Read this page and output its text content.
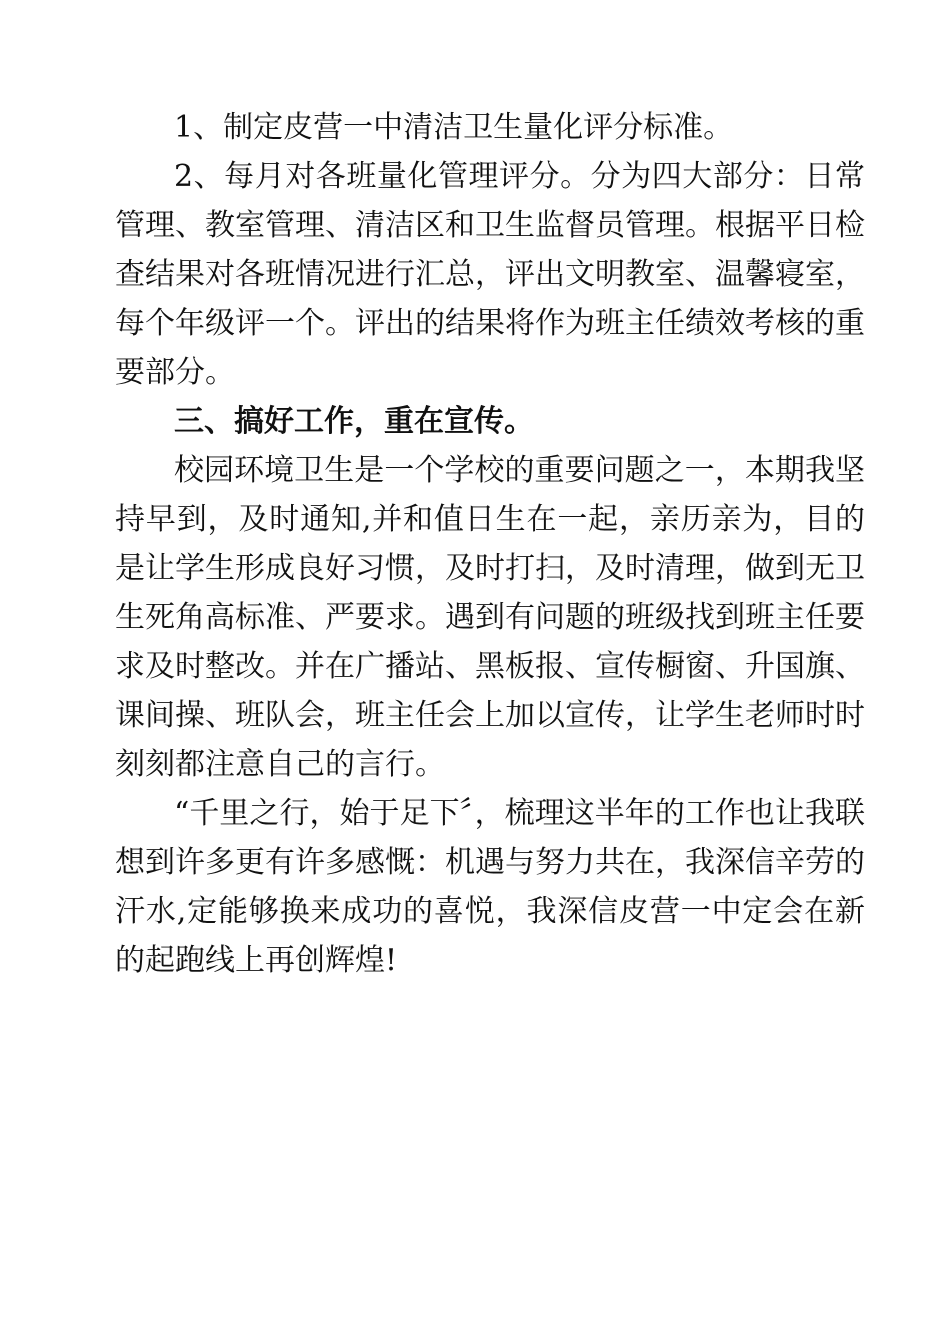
1、制定皮营一中清洁卫生量化评分标准。

2、每月对各班量化管理评分。分为四大部分：日常管理、教室管理、清洁区和卫生监督员管理。根据平日检查结果对各班情况进行汇总，评出文明教室、温馨寝室，每个年级评一个。评出的结果将作为班主任绩效考核的重要部分。

三、搞好工作，重在宣传。

校园环境卫生是一个学校的重要问题之一，本期我坚持早到，及时通知,并和值日生在一起，亲历亲为，目的是让学生形成良好习惯，及时打扫，及时清理，做到无卫生死角高标准、严要求。遇到有问题的班级找到班主任要求及时整改。并在广播站、黑板报、宣传橱窗、升国旗、课间操、班队会，班主任会上加以宣传，让学生老师时时刻刻都注意自己的言行。

“千里之行，始于足下〞，梳理这半年的工作也让我联想到许多更有许多感慨：机遇与努力共在，我深信辛劳的汗水,定能够换来成功的喜悦，我深信皮营一中定会在新的起跑线上再创辉煌!
